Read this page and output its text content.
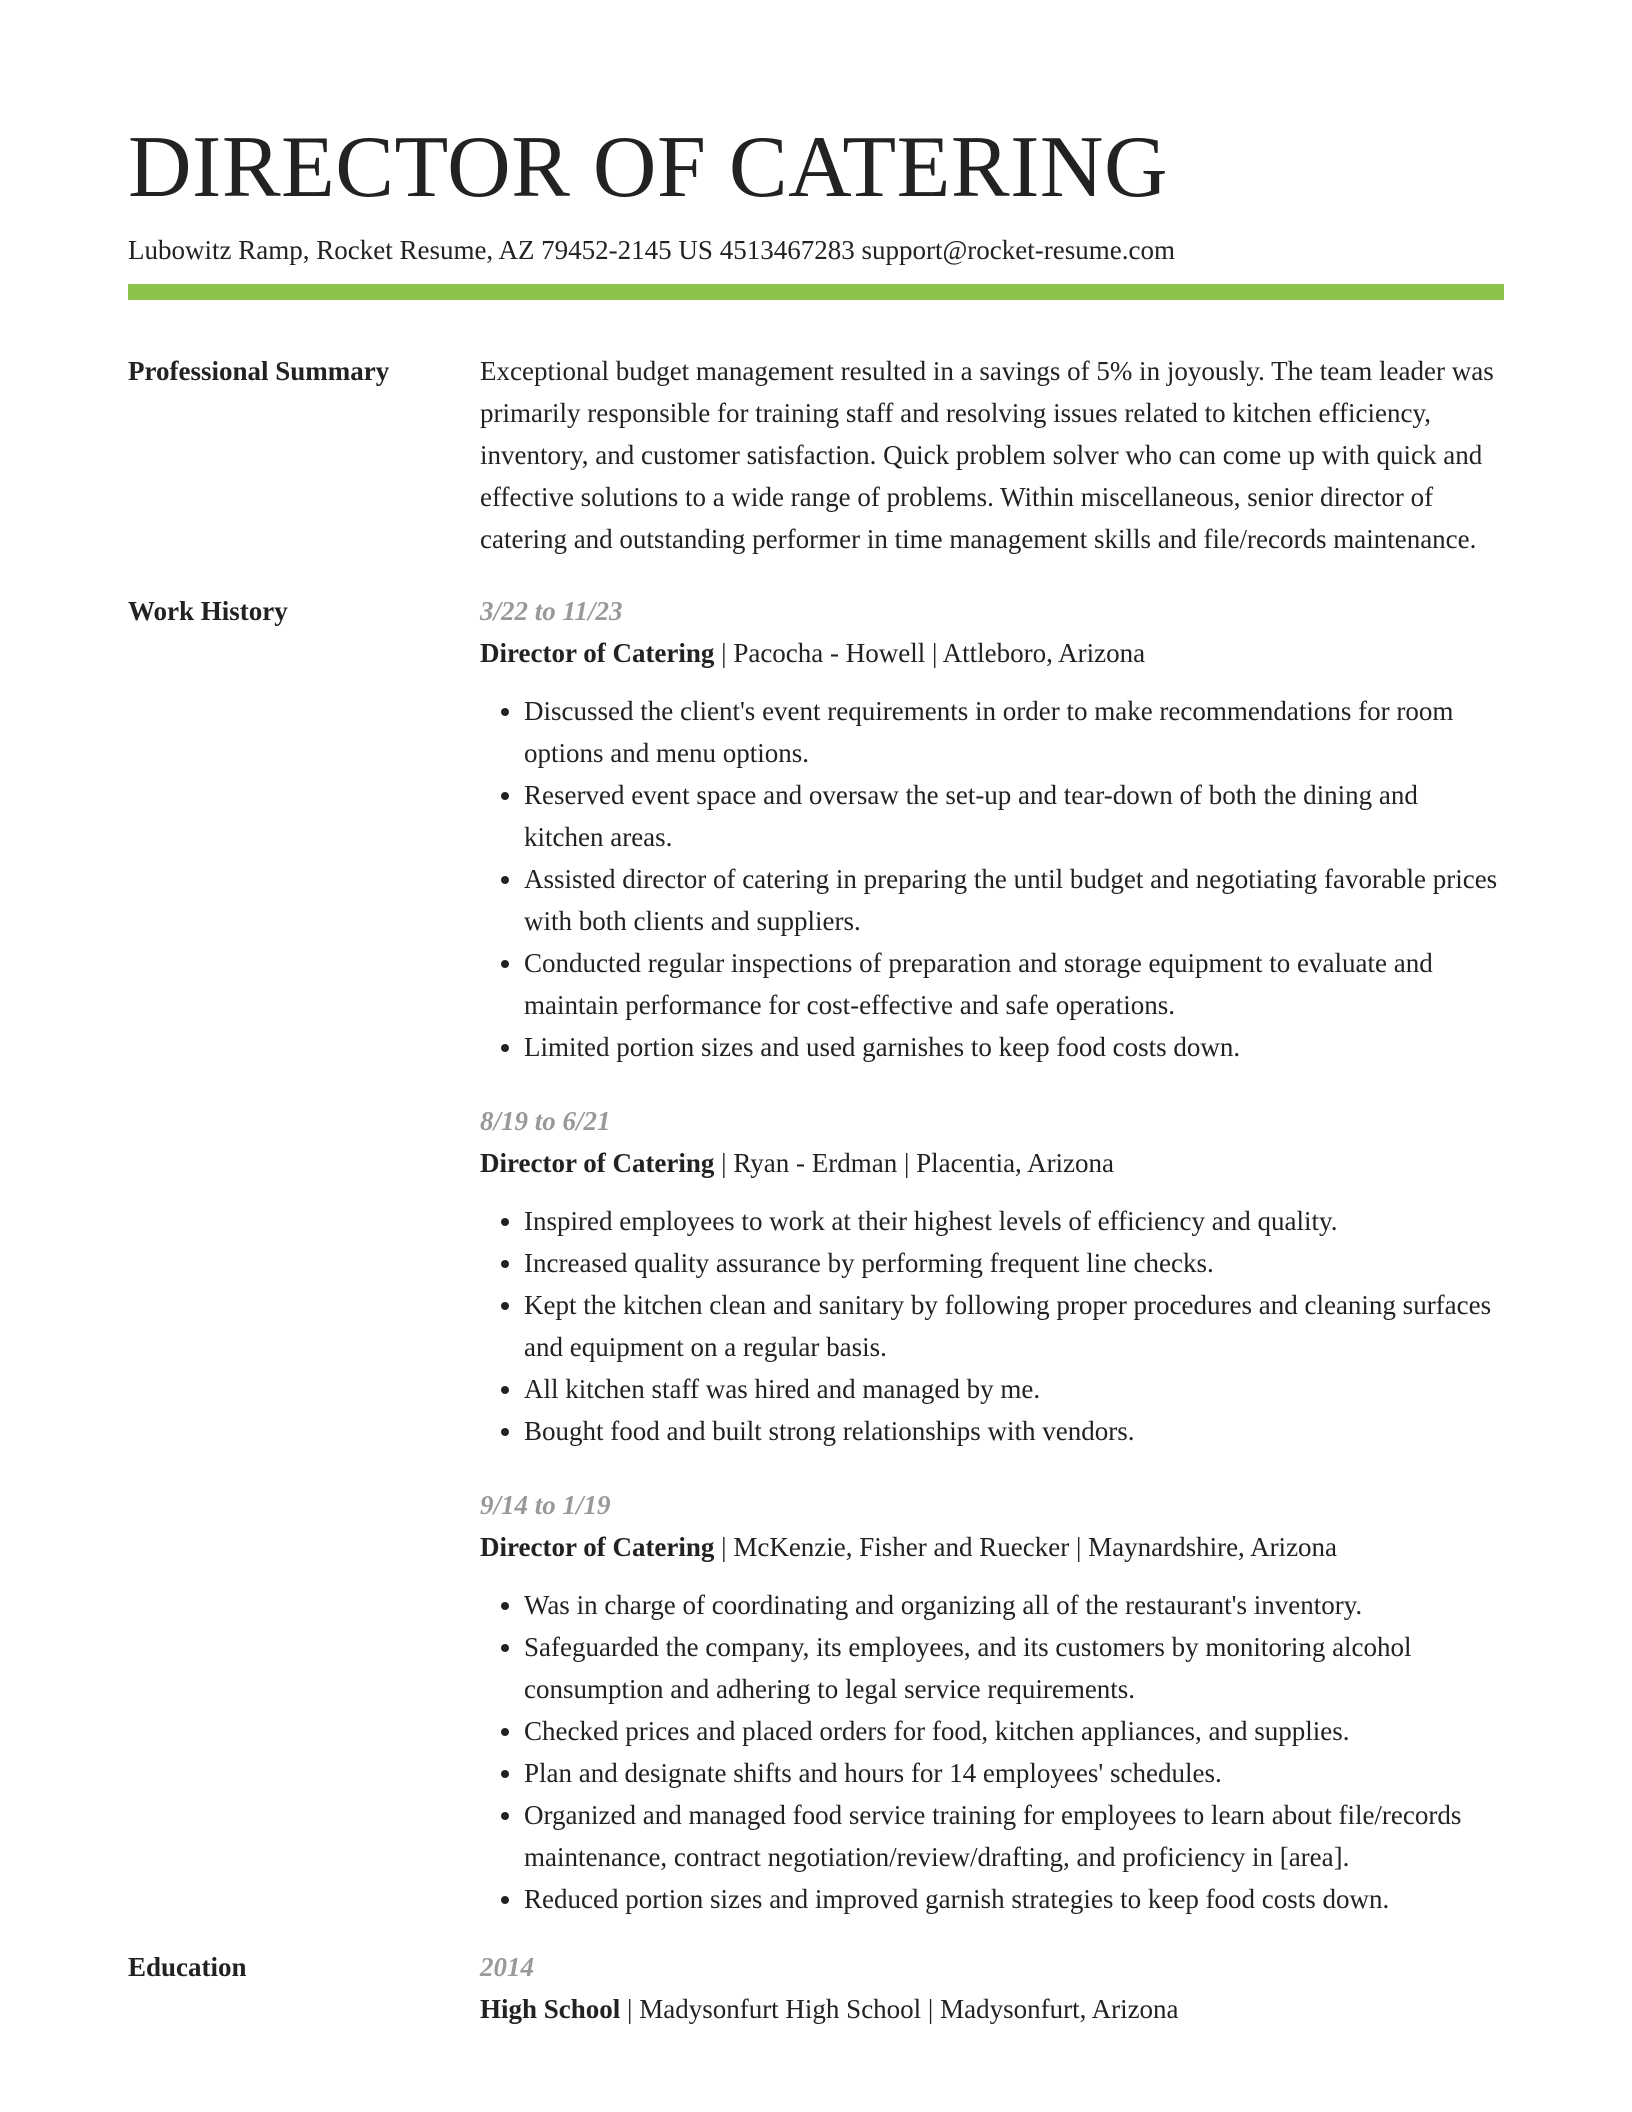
DIRECTOR OF CATERING
Lubowitz Ramp, Rocket Resume, AZ 79452-2145 US 4513467283 support@rocket-resume.com
Professional Summary	Exceptional budget management resulted in a savings of 5% in joyously. The team leader was primarily responsible for training staff and resolving issues related to kitchen efficiency, inventory, and customer satisfaction. Quick problem solver who can come up with quick and effective solutions to a wide range of problems. Within miscellaneous, senior director of catering and outstanding performer in time management skills and file/records maintenance.

Work History	3/22 to 11/23
Director of Catering | Pacocha - Howell | Attleboro, Arizona
• Discussed the client's event requirements in order to make recommendations for room options and menu options.
• Reserved event space and oversaw the set-up and tear-down of both the dining and kitchen areas.
• Assisted director of catering in preparing the until budget and negotiating favorable prices with both clients and suppliers.
• Conducted regular inspections of preparation and storage equipment to evaluate and maintain performance for cost-effective and safe operations.
• Limited portion sizes and used garnishes to keep food costs down.
8/19 to 6/21
Director of Catering | Ryan - Erdman | Placentia, Arizona
• Inspired employees to work at their highest levels of efficiency and quality.
• Increased quality assurance by performing frequent line checks.
• Kept the kitchen clean and sanitary by following proper procedures and cleaning surfaces and equipment on a regular basis.
• All kitchen staff was hired and managed by me.
• Bought food and built strong relationships with vendors.
9/14 to 1/19
Director of Catering | McKenzie, Fisher and Ruecker | Maynardshire, Arizona
• Was in charge of coordinating and organizing all of the restaurant's inventory.
• Safeguarded the company, its employees, and its customers by monitoring alcohol consumption and adhering to legal service requirements.
• Checked prices and placed orders for food, kitchen appliances, and supplies.
• Plan and designate shifts and hours for 14 employees' schedules.
• Organized and managed food service training for employees to learn about file/records maintenance, contract negotiation/review/drafting, and proficiency in [area].
• Reduced portion sizes and improved garnish strategies to keep food costs down.
Education	2014
High School | Madysonfurt High School | Madysonfurt, Arizona
